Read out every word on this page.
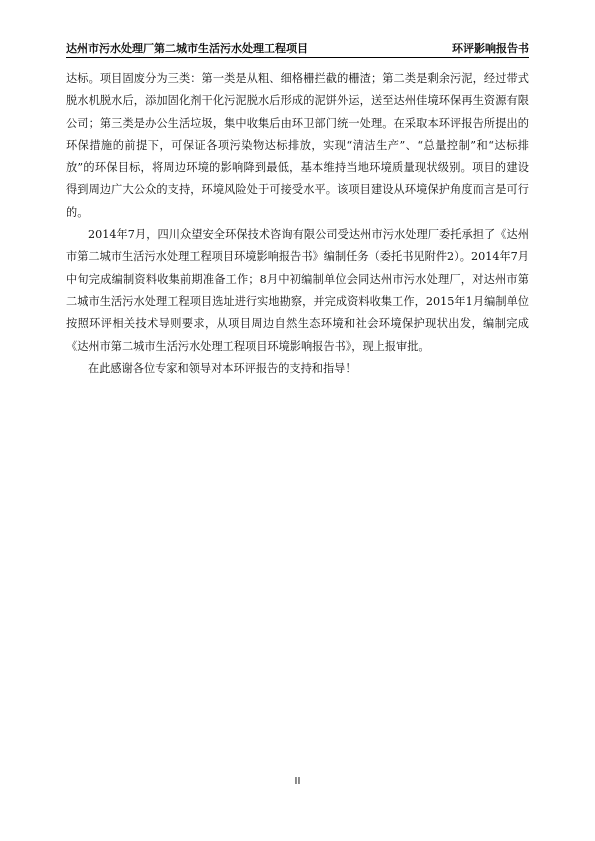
达州市污水处理厂第二城市生活污水处理工程项目	环评影响报告书

达标。项目固废分为三类：第一类是从粗、细格栅拦截的栅渣；第二类是剩余污泥，经过带式脱水机脱水后，添加固化剂干化污泥脱水后形成的泥饼外运，送至达州佳境环保再生资源有限公司；第三类是办公生活垃圾，集中收集后由环卫部门统一处理。在采取本环评报告所提出的环保措施的前提下，可保证各项污染物达标排放，实现“清洁生产”、“总量控制”和“达标排放”的环保目标，将周边环境的影响降到最低，基本维持当地环境质量现状级别。项目的建设得到周边广大公众的支持，环境风险处于可接受水平。该项目建设从环境保护角度而言是可行的。

2014年7月，四川众望安全环保技术咨询有限公司受达州市污水处理厂委托承担了《达州市第二城市生活污水处理工程项目环境影响报告书》编制任务（委托书见附件2）。2014年7月中旬完成编制资料收集前期准备工作；8月中初编制单位会同达州市污水处理厂，对达州市第二城市生活污水处理工程项目选址进行实地勘察，并完成资料收集工作，2015年1月编制单位按照环评相关技术导则要求，从项目周边自然生态环境和社会环境保护现状出发，编制完成《达州市第二城市生活污水处理工程项目环境影响报告书》，现上报审批。

在此感谢各位专家和领导对本环评报告的支持和指导！

II
